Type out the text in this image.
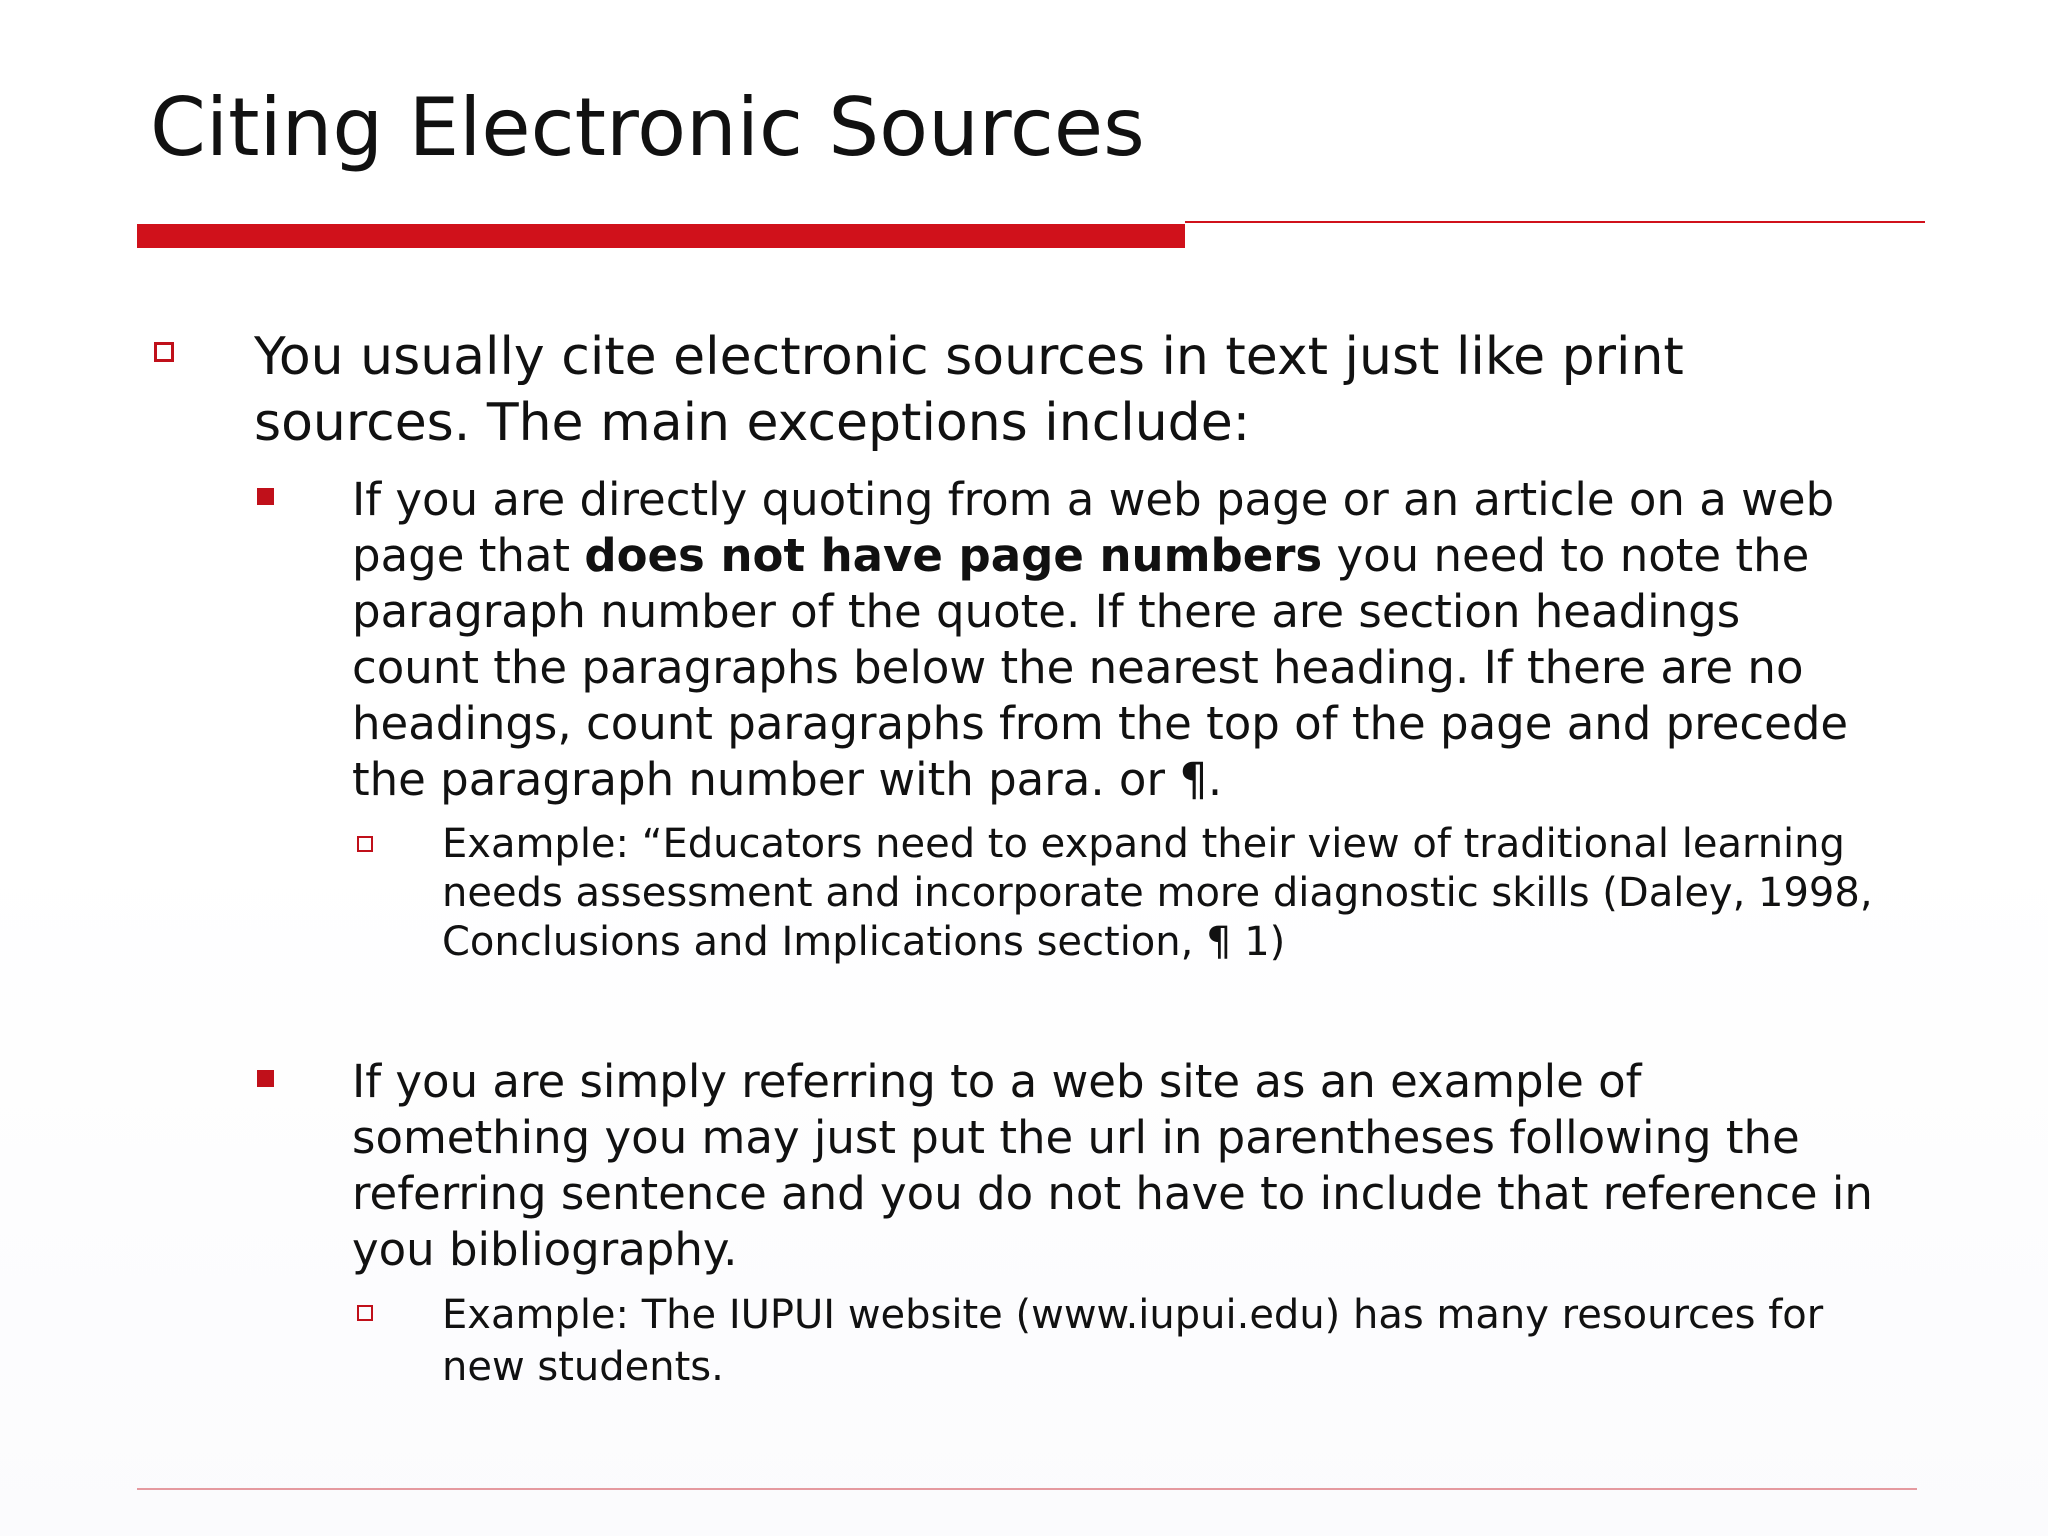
Citing Electronic Sources
You usually cite electronic sources in text just like print
sources. The main exceptions include:
If you are directly quoting from a web page or an article on a web
page that does not have page numbers you need to note the
paragraph number of the quote. If there are section headings
count the paragraphs below the nearest heading. If there are no
headings, count paragraphs from the top of the page and precede
the paragraph number with para. or ¶.
Example: “Educators need to expand their view of traditional learning
needs assessment and incorporate more diagnostic skills (Daley, 1998,
Conclusions and Implications section, ¶ 1)
If you are simply referring to a web site as an example of
something you may just put the url in parentheses following the
referring sentence and you do not have to include that reference in
you bibliography.
Example: The IUPUI website (www.iupui.edu) has many resources for
new students.
